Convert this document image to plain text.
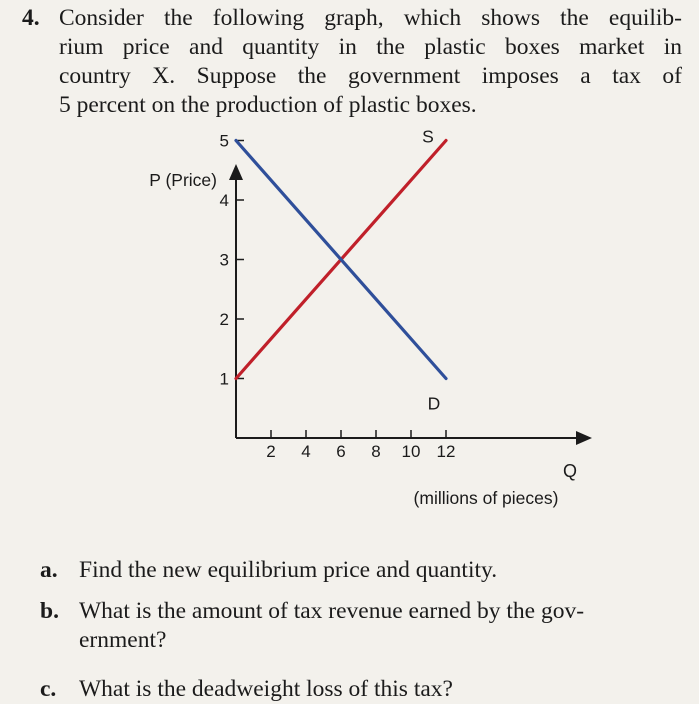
4. Consider the following graph, which shows the equilib-
rium price and quantity in the plastic boxes market in
country X. Suppose the government imposes a tax of
5 percent on the production of plastic boxes.
1
2
3
4
5
2 4 6 8 10 12
S
D
P (Price)
Q
(millions of pieces)
a. Find the new equilibrium price and quantity.
b. What is the amount of tax revenue earned by the gov-
ernment?
c. What is the deadweight loss of this tax?
